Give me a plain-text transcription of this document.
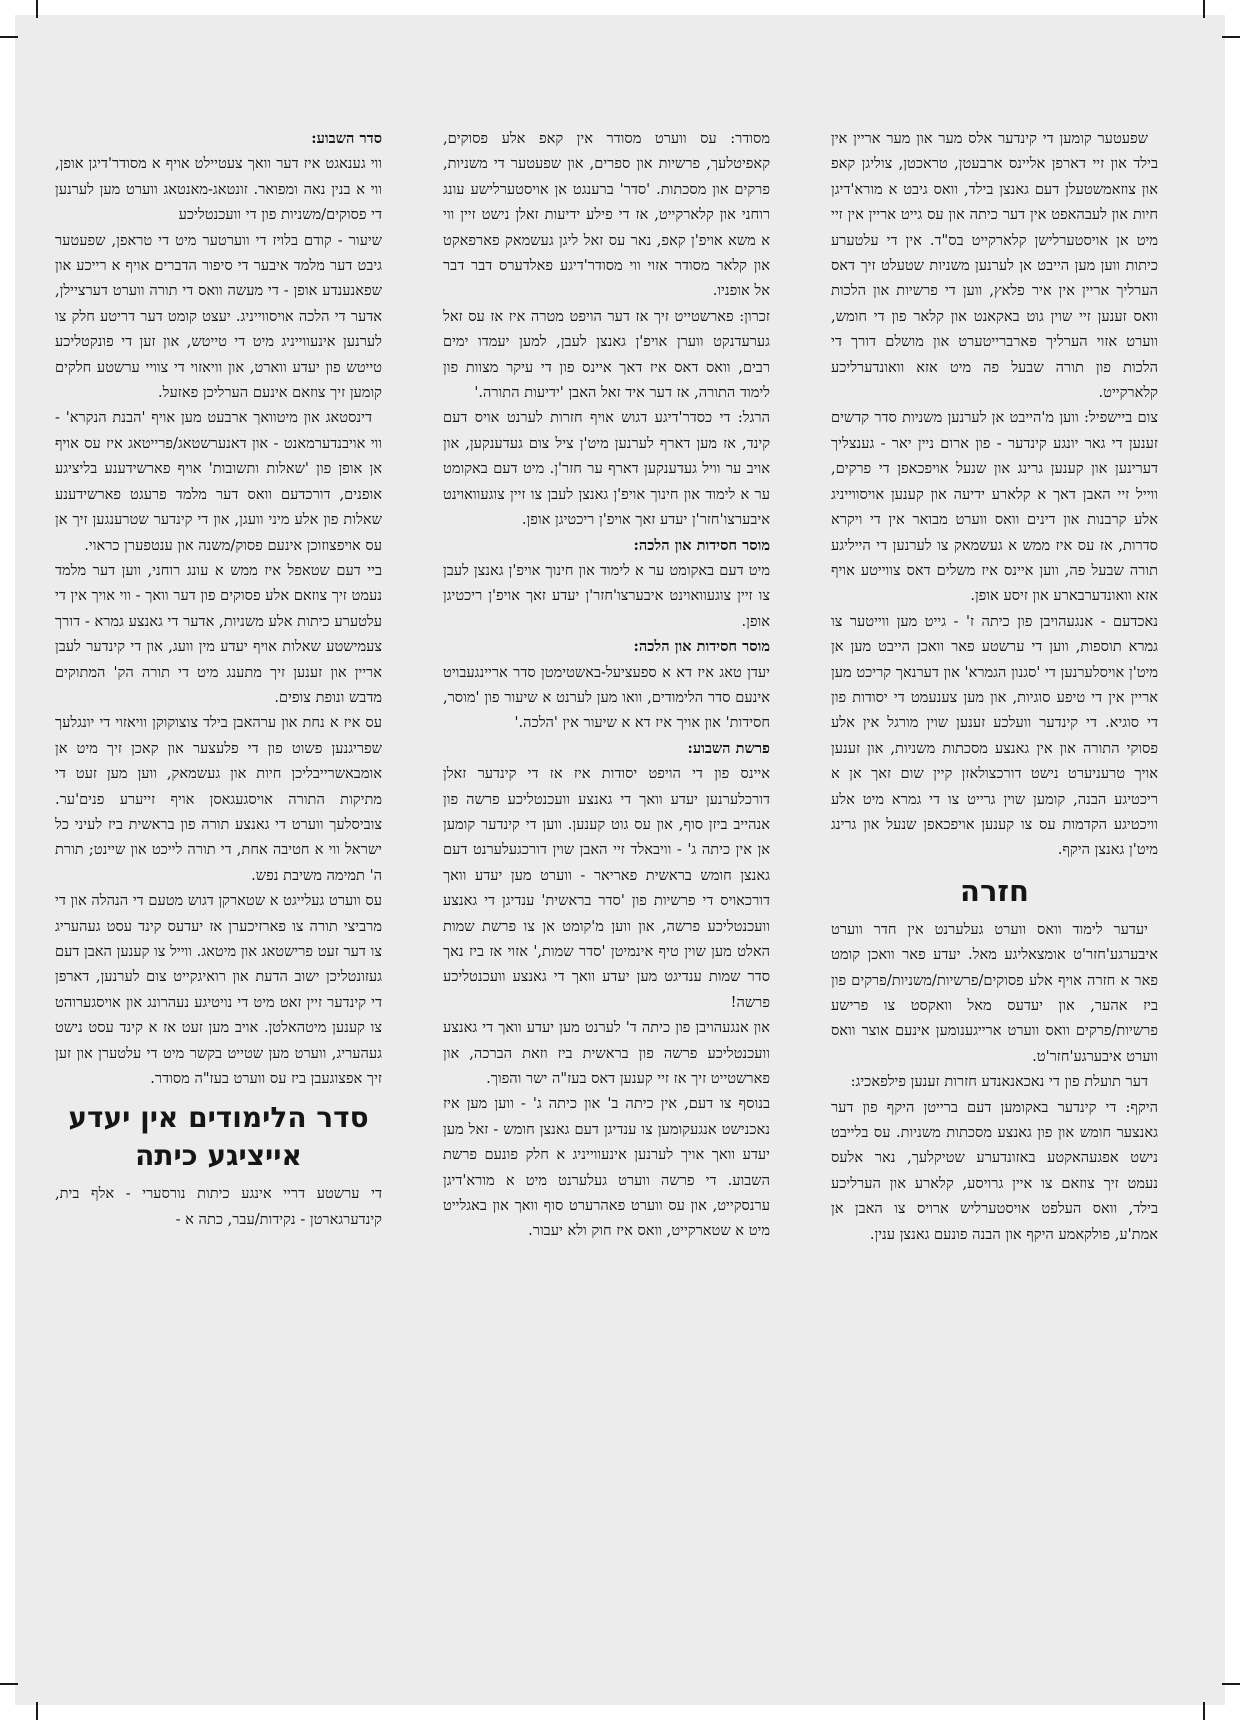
שפעטער קומען די קינדער אלס מער און מער אריין אין בילד און זיי דארפן אליינס ארבעטן, טראכטן, צוליגן קאפ און צוזאמשטעלן דעם גאנצן בילד, וואס גיבט א מורא'דיגן חיות און לעבהאפט אין דער כיתה און עס גייט אריין אין זיי מיט אן אויסטערלישן קלארקייט בס"ד. אין די עלטערע כיתות ווען מען הייבט אן לערנען משניות שטעלט זיך דאס הערליך אריין אין איר פלאץ, ווען די פרשיות און הלכות וואס זענען זיי שוין גוט באקאנט און קלאר פון די חומש, ווערט אזוי הערליך פארברייטערט און מושלם דורך די הלכות פון תורה שבעל פה מיט אזא וואונדערליכע קלארקייט.

צום ביישפיל: ווען מ'הייבט אן לערנען משניות סדר קדשים זענען די גאר יונגע קינדער - פון ארום ניין יאר - גענצליך דערינען און קענען גרינג און שנעל אויפכאפן די פרקים, ווייל זיי האבן דאך א קלארע ידיעה און קענען אויסווייניג אלע קרבנות און דינים וואס ווערט מבואר אין די ויקרא סדרות, אז עס איז ממש א געשמאק צו לערנען די הייליגע תורה שבעל פה, ווען איינס איז משלים דאס צווייטע אויף אזא וואונדערבארע און זיסע אופן.

נאכדעם - אנגעהויבן פון כיתה ז' - גייט מען ווייטער צו גמרא תוספות, ווען די ערשטע פאר וואכן הייבט מען אן מיט'ן אויסלערנען די 'סגנון הגמרא' און דערנאך קריכט מען אריין אין די טיפע סוגיות, און מען צענעמט די יסודות פון די סוגיא. די קינדער וועלכע זענען שוין מורגל אין אלע פסוקי התורה און אין גאנצע מסכתות משניות, און זענען אויך טרעניערט נישט דורכצולאזן קיין שום זאך אן א ריכטיגע הבנה, קומען שוין גרייט צו די גמרא מיט אלע וויכטיגע הקדמות עס צו קענען אויפכאפן שנעל און גרינג מיט'ן גאנצן היקף.

חזרה

יעדער לימוד וואס ווערט געלערנט אין חדר ווערט איבערגע'חזר'ט אומצאליגע מאל. יעדע פאר וואכן קומט פאר א חזרה אויף אלע פסוקים/פרשיות/משניות/פרקים פון ביז אהער, און יעדעס מאל וואקסט צו פרישע פרשיות/פרקים וואס ווערט ארייגענומען אינעם אוצר וואס ווערט איבערגע'חזר'ט.

דער תועלת פון די נאכאנאנדע חזרות זענען פילפאכיג:

היקף: די קינדער באקומען דעם ברייטן היקף פון דער גאנצער חומש און פון גאנצע מסכתות משניות. עס בלייבט נישט אפגעהאקטע באזונדערע שטיקלעך, נאר אלעס נעמט זיך צוזאם צו איין גרויסע, קלארע און הערליכע בילד, וואס העלפט אויסטערליש ארויס צו האבן אן אמת'ע, פולקאמע היקף און הבנה פונעם גאנצן ענין.

מסודר: עס ווערט מסודר אין קאפ אלע פסוקים, קאפיטלעך, פרשיות און ספרים, און שפעטער די משניות, פרקים און מסכתות. 'סדר' ברענגט אן אויסטערלישע עונג רוחני און קלארקייט, אז די פילע ידיעות זאלן נישט זיין ווי א משא אויפ'ן קאפ, נאר עס זאל ליגן געשמאק פארפאקט און קלאר מסודר אזוי ווי מסודר'דיגע פאלדערס דבר דבר אל אופניו.

זכרון: פארשטייט זיך אז דער הויפט מטרה איז אז עס זאל גערעדנקט ווערן אויפ'ן גאנצן לעבן, למען יעמדו ימים רבים, וואס דאס איז דאך איינס פון די עיקר מצוות פון לימוד התורה, אז דער איד זאל האבן 'ידיעות התורה.'

הרגל: די כסדר'דיגע דגוש אויף חזרות לערנט אויס דעם קינד, אז מען דארף לערנען מיט'ן ציל צום געדענקען, און אויב ער וויל געדענקען דארף ער חזר'ן. מיט דעם באקומט ער א לימוד און חינוך אויפ'ן גאנצן לעבן צו זיין צוגעוואוינט איבערצו'חזר'ן יעדע זאך אויפ'ן ריכטיגן אופן.

מוסר חסידות און הלכה:

מיט דעם באקומט ער א לימוד און חינוך אויפ'ן גאנצן לעבן צו זיין צוגעוואוינט איבערצו'חזר'ן יעדע זאך אויפ'ן ריכטיגן אופן.

מוסר חסידות און הלכה:

יעדן טאג איז דא א ספעציעל-באשטימטן סדר אריינגעבויט אינעם סדר הלימודים, וואו מען לערנט א שיעור פון 'מוסר, חסידות' און אויך איז דא א שיעור אין 'הלכה.'

פרשת השבוע:

איינס פון די הויפט יסודות איז אז די קינדער זאלן דורכלערנען יעדע וואך די גאנצע וועכנטליכע פרשה פון אנהייב ביזן סוף, און עס גוט קענען. ווען די קינדער קומען אן אין כיתה ג' - וויבאלד זיי האבן שוין דורכגעלערנט דעם גאנצן חומש בראשית פאריאר - ווערט מען יעדע וואך דורכאויס די פרשיות פון 'סדר בראשית' ענדיגן די גאנצע וועכנטליכע פרשה, און ווען מ'קומט אן צו פרשת שמות האלט מען שוין טיף אינמיטן 'סדר שמות,' אזוי אז ביז נאך סדר שמות ענדיגט מען יעדע וואך די גאנצע וועכנטליכע פרשה!

און אנגעהויבן פון כיתה ד' לערנט מען יעדע וואך די גאנצע וועכנטליכע פרשה פון בראשית ביז וזאת הברכה, און פארשטייט זיך אז זיי קענען דאס בעז"ה ישר והפוך.

בנוסף צו דעם, אין כיתה ב' און כיתה ג' - ווען מען איז נאכנישט אנגעקומען צו ענדיגן דעם גאנצן חומש - זאל מען יעדע וואך אויך לערנען אינעווייניג א חלק פונעם פרשת השבוע. די פרשה ווערט געלערנט מיט א מורא'דיגן ערנסקייט, און עס ווערט פאהרערט סוף וואך און באגלייט מיט א שטארקייט, וואס איז חוק ולא יעבור.

סדר השבוע:

ווי גענאגט איז דער וואך צעטיילט אויף א מסודר'דיגן אופן, ווי א בנין נאה ומפואר. זונטאג-מאנטאג ווערט מען לערנען די פסוקים/משניות פון די וועכנטליכע

שיעור - קודם בלויז די ווערטער מיט די טראפן, שפעטער גיבט דער מלמד איבער די סיפור הדברים אויף א רייכע און שפאנענדע אופן - די מעשה וואס די תורה ווערט דערציילן, אדער די הלכה אויסווייניג. יעצט קומט דער דריטע חלק צו לערנען אינעווייניג מיט די טייטש, און זען די פונקטליכע טייטש פון יעדע ווארט, און וויאזוי די צוויי ערשטע חלקים קומען זיך צוזאם אינעם הערליכן פאזעל.

דינסטאג און מיטוואך ארבעט מען אויף 'הבנת הנקרא' - ווי אויבנדערמאנט - און דאנערשטאג/פרייטאג איז עס אויף אן אופן פון 'שאלות ותשובות' אויף פארשידענע בליציגע אופנים, דורכדעם וואס דער מלמד פרעגט פארשידענע שאלות פון אלע מיני וועגן, און די קינדער שטרענגען זיך אן עס אויפצוזוכן אינעם פסוק/משנה און ענטפערן כראוי.

ביי דעם שטאפל איז ממש א עונג רוחני, ווען דער מלמד נעמט זיך צוזאם אלע פסוקים פון דער וואך - ווי אויך אין די עלטערע כיתות אלע משניות, אדער די גאנצע גמרא - דורך צעמישטע שאלות אויף יעדע מין וועג, און די קינדער לעבן אריין און זענען זיך מתענג מיט די תורה הק' המתוקים מדבש ונופת צופים.

עס איז א נחת און ערהאבן בילד צוצוקוקן וויאזוי די יונגלעך שפריגנען פשוט פון די פלעצער און קאכן זיך מיט אן אומבאשרייבליכן חיות און געשמאק, ווען מען זעט די מתיקות התורה אויסגעגאסן אויף זייערע פנים'ער. צוביסלעך ווערט די גאנצע תורה פון בראשית ביז לעיני כל ישראל ווי א חטיבה אחת, די תורה לייכט און שיינט; תורת ה' תמימה משיבת נפש.

עס ווערט געלייגט א שטארקן דגוש מטעם די הנהלה און די מרביצי תורה צו פארזיכערן אז יעדעס קינד עסט געהעריג צו דער זעט פרישטאג און מיטאג. ווייל צו קענען האבן דעם געזונטליכן ישוב הדעת און רואיגקייט צום לערנען, דארפן די קינדער זיין זאט מיט די נויטיגע נעהרונג און אויסגערוהט צו קענען מיטהאלטן. אויב מען זעט אז א קינד עסט נישט געהעריג, ווערט מען שטייט בקשר מיט די עלטערן און זען זיך אפצוגעבן ביז עס ווערט בעז"ה מסודר.

סדר הלימודים אין יעדע אייציגע כיתה

די ערשטע דריי אינגע כיתות נורסערי - אלף בית, קינדערגארטן - נקידות/עבר, כתה א -
